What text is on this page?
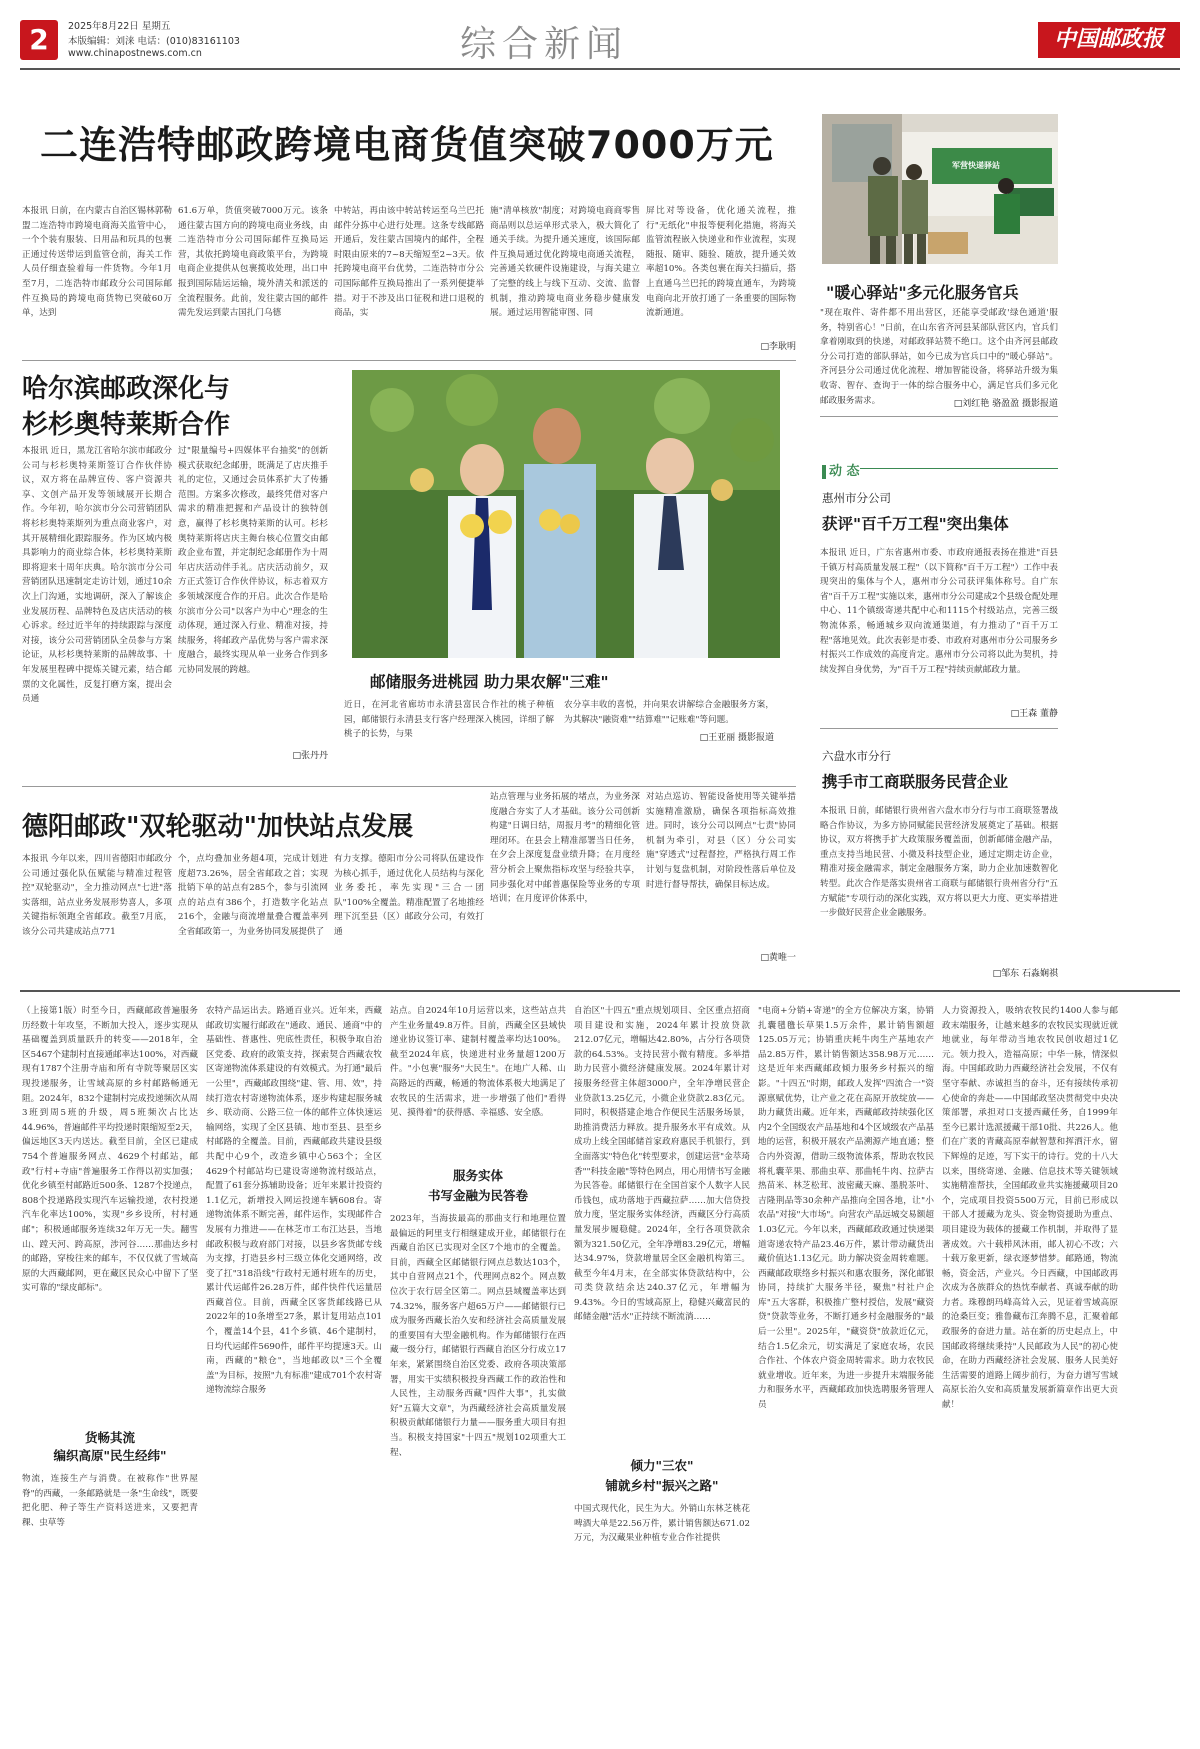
2	2025年8月22日 星期五
本版编辑：刘涞 电话：(010)83161103
www.chinapostnews.com.cn	综合新闻	中国邮政报
二连浩特邮政跨境电商货值突破7000万元
本报讯 日前，在内蒙古自治区锡林郭勒盟二连浩特市跨境电商海关监管中心，一个个装有服装、日用品和玩具的包裹正通过传送带运到监管仓前，海关工作人员仔细查验着每一件货物。今年1月至7月，二连浩特市邮政分公司国际邮件互换局的跨境电商货物已突破60万单，达到
61.6万单，货值突破7000万元。该条通往蒙古国方向的跨境电商业务线，由二连浩特市分公司国际邮件互换局运营，其依托跨境电商政策平台，为跨境电商企业提供从包裹揽收处理，出口申报到国际陆运运输，境外清关和派送的全流程服务。此前，发往蒙古国的邮件需先发运到蒙古国扎门乌德
中转站，再由该中转站转运至乌兰巴托邮件分拣中心进行处理。这条专线邮路开通后，发往蒙古国境内的邮件，全程时限由原来的7~8天缩短至2~3天。依托跨境电商平台优势，二连浩特市分公司国际邮件互换局推出了一系列便捷举措。对于不涉及出口征税和进口退税的商品，实
施"清单核放"制度；对跨境电商商零售商品则以总运单形式录入，极大简化了通关手续。为提升通关速度，该国际邮件互换局通过优化跨境电商通关流程，完善通关软硬件设施建设，与海关建立了完整的线上与线下互动、交流、监督机制，推动跨境电商业务稳步健康发展。通过运用智能审图、同
屏比对等设备，优化通关流程，推行"无纸化"申报等便利化措施，将海关监管流程嵌入快递业和作业流程，实现随报、随审、随验、随放，提升通关效率超10%。各类包裹在海关扫描后，搭上直通乌兰巴托的跨境直通车，为跨境电商向北开放打通了一条重要的国际物流新通道。
□李耿明
军营快递驿站
"暖心驿站"多元化服务官兵
"现在取件、寄件都不用出营区，还能享受邮政'绿色通道'服务，特别省心！"日前，在山东省齐河县某部队营区内，官兵们拿着刚取到的快递，对邮政驿站赞不绝口。这个由齐河县邮政分公司打造的部队驿站，如今已成为官兵口中的"暖心驿站"。齐河县分公司通过优化流程、增加智能设备，将驿站升级为集收寄、智存、查询于一体的综合服务中心，满足官兵们多元化邮政服务需求。	□刘红艳 骆盈盈 摄影报道
哈尔滨邮政深化与
杉杉奥特莱斯合作
本报讯 近日，黑龙江省哈尔滨市邮政分公司与杉杉奥特莱斯签订合作伙伴协议，双方将在品牌宣传、客户资源共享、文创产品开发等领域展开长期合作。今年初，哈尔滨市分公司营销团队将杉杉奥特莱斯列为重点商业客户，对其开展精细化跟踪服务。作为区域内极具影响力的商业综合体，杉杉奥特莱斯即将迎来十周年庆典。哈尔滨市分公司营销团队迅速制定走访计划，通过10余次上门沟通，实地调研，深入了解该企业发展历程、品牌特色及店庆活动的核心诉求。经过近半年的持续跟踪与深度对接，该分公司营销团队全员参与方案论证，从杉杉奥特莱斯的品牌故事、十年发展里程碑中提炼关键元素，结合邮票的文化属性，反复打磨方案，提出会员通
过"限量编号+四媒体平台抽奖"的创新模式获取纪念邮册，既满足了店庆推手礼的定位，又通过会员体系扩大了传播范围。方案多次修改，最终凭借对客户需求的精准把握和产品设计的独特创意，赢得了杉杉奥特莱斯的认可。杉杉奥特莱斯将店庆主舞台核心位置交由邮政企业布置，并定制纪念邮册作为十周年店庆活动伴手礼。店庆活动前夕，双方正式签订合作伙伴协议，标志着双方多领域深度合作的开启。此次合作是哈尔滨市分公司"以客户为中心"理念的生动体现，通过深入行业、精准对接，持续服务，将邮政产品优势与客户需求深度融合，最终实现从单一业务合作到多元协同发展的跨越。
□张丹丹
邮储服务进桃园 助力果农解"三难"
近日，在河北省廊坊市永清县富民合作社的桃子种植园，邮储银行永清县支行客户经理深入桃园，详细了解桃子的长势，与果
农分享丰收的喜悦，并向果农讲解综合金融服务方案，为其解决"融资难""结算难""记账难"等问题。
□王亚丽 摄影报道
动 态
惠州市分公司
获评"百千万工程"突出集体
本报讯 近日，广东省惠州市委、市政府通报表扬在推进"百县千镇万村高质量发展工程"（以下简称"百千万工程"）工作中表现突出的集体与个人，惠州市分公司获评集体称号。自广东省"百千万工程"实施以来，惠州市分公司建成2个县级仓配处理中心、11个镇级寄递共配中心和1115个村级站点，完善三级物流体系，畅通城乡双向流通渠道，有力推动了"百千万工程"落地见效。此次表彰是市委、市政府对惠州市分公司服务乡村振兴工作成效的高度肯定。惠州市分公司将以此为契机，持续发挥自身优势，为"百千万工程"持续贡献邮政力量。
□王森 董静
六盘水市分行
携手市工商联服务民营企业
本报讯 日前，邮储银行贵州省六盘水市分行与市工商联签署战略合作协议，为多方协同赋能民营经济发展奠定了基础。根据协议，双方将携手扩大政策服务覆盖面，创新邮储金融产品，重点支持当地民营、小微及科技型企业，通过定期走访企业，精准对接金融需求，制定金融服务方案，助力企业加速数智化转型。此次合作是落实贵州省工商联与邮储银行贵州省分行"五方赋能"专项行动的深化实践，双方将以更大力度、更实举措进一步做好民营企业金融服务。
□邹东 石淼娴祺
德阳邮政"双轮驱动"加快站点发展
本报讯 今年以来，四川省德阳市邮政分公司通过强化队伍赋能与精准过程管控"双轮驱动"，全力推动网点"七进"落实落细，站点业务发展形势喜人，多项关键指标领跑全省邮政。截至7月底，该分公司共建成站点771
个，点均叠加业务超4项，完成计划进度超73.26%，居全省邮政之首；实现批销下单的站点有285个，参与引流网点的站点有386个，打造数字化站点216个，金融与商流增量叠合覆盖率列全省邮政第一，为业务协同发展提供了
有力支撑。德阳市分公司将队伍建设作为核心抓手，通过优化人员结构与深化业务委托，率先实现"三合一团队"100%全覆盖。精准配置了名地推经理下沉至县（区）邮政分公司，有效打通
站点管理与业务拓展的堵点，为业务深度融合夯实了人才基础。该分公司创新构建"日调日结，周报月考"的精细化管理闭环。在县会上精准部署当日任务，在夕会上深度复盘业绩升降；在月度经营分析会上聚焦指标攻坚与经验共享，同步强化对中邮普惠保险等业务的专项培训；在月度评价体系中，
对站点巡访、智能设备使用等关键举措实施精准激励，确保各项指标高效推进。同时，该分公司以网点"七责"协同机制为牵引，对县（区）分公司实施"穿透式"过程督控，严格执行周工作计划与复盘机制，对阶段性落后单位及时进行督导帮扶，确保目标达成。
□黄唯一
（上接第1版）时至今日，西藏邮政普遍服务历经数十年攻坚，不断加大投入，逐步实现从基础覆盖到质量跃升的转变——2018年，全区5467个建制村直接通邮率达100%，对西藏现有1787个注册寺庙和所有寺院等聚居区实现投递服务，让雪域高原的乡村邮路畅通无阻。2024年，832个建制村完成投递频次从周3班到周5班的升级，周5班频次占比达44.96%，普遍邮件平均投递时限缩短至2天，偏远地区3天内送达。截至目前，全区已建成754个普遍服务网点、4629个村邮站，邮政"行村+寺庙"普遍服务工作得以初实加强；优化乡镇至村邮路近500条、1287个投递点，808个投递路段实现汽车运输投递，农村投递汽车化率达100%，实现"乡乡设所，村村通邮"；积极通邮服务连续32年万无一失。翻雪山、蹚天河、跨高原，涉河谷……那曲达乡村的邮路，穿梭往来的邮车，不仅仅就了雪域高原的大西藏邮网，更在藏区民众心中留下了坚实可靠的"绿皮邮标"。
货畅其流
编织高原"民生经纬"
物流，连接生产与消费。在被称作"世界屋脊"的西藏，一条邮路就是一条"生命线"，既要把化肥、种子等生产资料送进来，又要把青稞、虫草等
农特产品运出去。路通百业兴。近年来，西藏邮政切实履行邮政在"通政、通民、通商"中的基础性、普惠性、兜底性责任，积极争取自治区党委、政府的政策支持，探索契合西藏农牧区寄递物流体系建设的有效模式。为打通"最后一公里"，西藏邮政围绕"建、管、用、效"，持续打造农村寄递物流体系，逐步构建起服务城乡、联动商、公路三位一体的邮件立体快速运输网络，实现了全区县镇、地市至县、县至乡村邮路的全覆盖。目前，西藏邮政共建设县级共配中心9个，改造乡镇中心563个；全区4629个村邮站均已建设寄递物流村级站点，配置了61套分拣辅助设备；近年来累计投资约1.1亿元，新增投入网运投递车辆608台。寄递物流体系不断完善，邮件运作，实现邮件合发展有力推进——在林芝市工布江达县，当地邮政积极与政府部门对接，以县乡客货邮专线为支撑，打造县乡村三级立体化交通网络，改变了扛"318沿线"行政村无通村班车的历史，累计代运邮件26.28万件，邮件快件代运量居西藏首位。目前，西藏全区客货邮线路已从2022年的10条增至27条，累计复用站点101个，覆盖14个县，41个乡镇、46个建制村，日均代运邮件5690件，邮件平均提速3天。山南，西藏的"粮仓"，当地邮政以"三个全覆盖"为目标，按照"九有标准"建成701个农村寄递物流综合服务
站点。自2024年10月运营以来，这些站点共产生业务量49.8万件。目前，西藏全区县域快递业协议签订率、建制村覆盖率均达100%。截至2024年底，快递进村业务量超1200万件。"小包裹"服务"大民生"。在地广人稀、山高路远的西藏，畅通的物流体系极大地满足了农牧民的生活需求，进一步增强了他们"看得见、摸得着"的获得感、幸福感、安全感。
服务实体
书写金融为民答卷
2023年，当海拔最高的那曲支行和地理位置最偏远的阿里支行相继建成开业，邮储银行在西藏自治区已实现对全区7个地市的全覆盖。目前，西藏全区邮储银行网点总数达103个，其中自营网点21个，代理网点82个。网点数位次于农行居全区第二。网点县域覆盖率达到74.32%，服务客户超65万户——邮储银行已成为服务西藏长治久安和经济社会高质量发展的重要国有大型金融机构。作为邮储银行在西藏一级分行，邮储银行西藏自治区分行成立17年来，紧紧围绕自治区党委、政府各项决策部署，用实干实绩积极投身西藏工作的政治性和人民性，主动服务西藏"四件大事"，扎实做好"五篇大文章"，为西藏经济社会高质量发展积极贡献邮储银行力量——服务重大项目有担当。积极支持国家"十四五"规划102项重大工程、
自治区"十四五"重点规划项目、全区重点招商项目建设和实施，2024年累计投放贷款212.07亿元，增幅达42.80%，占分行各项贷款的64.53%。支持民营小微有精度。多举措助力民营小微经济健康发展。2024年累计对接服务经营主体超3000户，全年净增民营企业贷款13.25亿元，小微企业贷款2.83亿元。同时，积极搭建企地合作便民生活服务场景，助推消费活力释放。提升服务水平有成效。从成功上线全国邮储首家政府惠民手机银行，到全面落实"特色化"转型要求，创建运营"金萃琦香""科技金融"等特色网点，用心用情书写金融为民答卷。邮储银行在全国首家个人数字人民币钱包，成功落地于西藏拉萨……加大信贷投放力度，坚定服务实体经济，西藏区分行高质量发展步履稳健。2024年，全行各项贷款余额为321.50亿元，全年净增83.29亿元，增幅达34.97%，贷款增量居全区金融机构第三。截至今年4月末，在全部实体贷款结构中，公司类贷款结余达240.37亿元，年增幅为9.43%。今日的雪域高原上，稳健兴藏富民的邮储金融"活水"正持续不断流淌……
倾力"三农"
铺就乡村"振兴之路"
中国式现代化，民生为大。外销山东林芝桃花啤酒大单是22.56万件，累计销售额达671.02万元，为汉藏果业种植专业合作社提供
"电商+分销+寄递"的全方位解决方案，协销扎囊氆氇长草果1.5万余件，累计销售额超125.05万元；协销重庆耗牛肉生产基地农产品2.85万件，累计销售额达358.98万元……这是近年来西藏邮政倾力服务乡村振兴的缩影。"十四五"时期，邮政人发挥"四流合一"资源禀赋优势，让产业之花在高原开放绽放——助力藏货出藏。近年来，西藏邮政持续强化区内2个全国级农产品基地和4个区域级农产品基地的运营，积极开展农产品溯源产地直通；整合内外资源，借助三级物流体系，帮助农牧民将札囊苹果、那曲虫草、那曲牦牛肉、拉萨古热苗米、林芝松茸、波密藏天麻、墨脱茶叶、吉隆荆品等30余种产品推向全国各地，让"小农品"对接"大市场"。向营农产品远城交易额超1.03亿元。今年以来，西藏邮政政通过快递渠道寄递农特产品23.46万件，累计带动藏货出藏价值达1.13亿元。助力解决资金周转难题。西藏邮政联络乡村振兴和惠农服务，深化邮银协同，持续扩大服务半径，聚焦"村社户企库"五大客群，积极推广整村授信，发展"藏资贷"贷款等业务，不断打通乡村金融服务的"最后一公里"。2025年，"藏资贷"放款近亿元，结合1.5亿余元，切实满足了家庭农场，农民合作社、个体农户资金周转需求。助力农牧民就业增收。近年来，为进一步提升末端服务能力和服务水平，西藏邮政加快选聘服务管理人员
人力资源投入，吸纳农牧民约1400人参与邮政末端服务，让越来越多的农牧民实现就近就地就业，每年带动当地农牧民创收超过1亿元。领力投入，造福高原；中华一脉，情深似海。中国邮政助力西藏经济社会发展，不仅有坚守奉献、赤诚担当的奋斗，还有接续传承初心使命的奔赴——中国邮政坚决贯彻党中央决策部署，承担对口支援西藏任务，自1999年至今已累计选派援藏干部10批、共226人。他们在广袤的青藏高原奉献智慧和挥洒汗水，留下辉煌的足迹，写下实干的诗行。党的十八大以来，围绕寄递、金融、信息技术等关键领域实施精准帮扶，全国邮政业共实施援藏项目20个，完成项目投资5500万元，目前已形成以干部人才援藏为龙头、资金物资援助为重点、项目建设为载体的援藏工作机制，并取得了显著成效。六十载栉风沐雨，邮人初心不改；六十载万象更新，绿衣逐梦惜梦。邮路通，物流畅，资金活，产业兴。今日西藏，中国邮政再次成为各族群众的热忱奉献者、真诚奉献的助力者。珠穆朗玛峰高耸入云，见证着雪域高原的沧桑巨变；雅鲁藏布江奔腾不息，汇聚着邮政服务的奋进力量。站在新的历史起点上，中国邮政将继续秉持"人民邮政为人民"的初心使命，在助力西藏经济社会发展、服务人民美好生活需要的道路上阔步前行，为奋力谱写雪域高原长治久安和高质量发展新篇章作出更大贡献！
